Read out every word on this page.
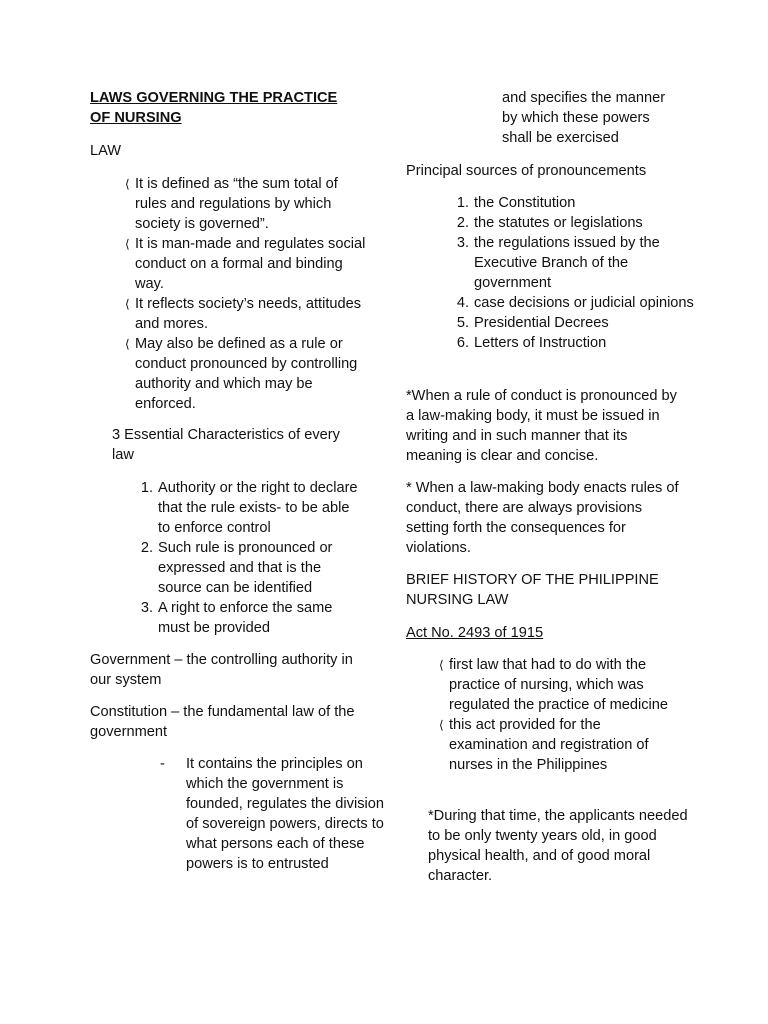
LAWS GOVERNING THE PRACTICE OF NURSING

LAW

⟨ It is defined as “the sum total of rules and regulations by which society is governed”.
⟨ It is man-made and regulates social conduct on a formal and binding way.
⟨ It reflects society’s needs, attitudes and mores.
⟨ May also be defined as a rule or conduct pronounced by controlling authority and which may be enforced.

3 Essential Characteristics of every law

1. Authority or the right to declare that the rule exists- to be able to enforce control
2. Such rule is pronounced or expressed and that is the source can be identified
3. A right to enforce the same must be provided

Government – the controlling authority in our system

Constitution – the fundamental law of the government

- It contains the principles on which the government is founded, regulates the division of sovereign powers, directs to what persons each of these powers is to entrusted

and specifies the manner by which these powers shall be exercised

Principal sources of pronouncements

1. the Constitution
2. the statutes or legislations
3. the regulations issued by the Executive Branch of the government
4. case decisions or judicial opinions
5. Presidential Decrees
6. Letters of Instruction

*When a rule of conduct is pronounced by a law-making body, it must be issued in writing and in such manner that its meaning is clear and concise.

* When a law-making body enacts rules of conduct, there are always provisions setting forth the consequences for violations.

BRIEF HISTORY OF THE PHILIPPINE NURSING LAW

Act No. 2493 of 1915

⟨ first law that had to do with the practice of nursing, which was regulated the practice of medicine
⟨ this act provided for the examination and registration of nurses in the Philippines

*During that time, the applicants needed to be only twenty years old, in good physical health, and of good moral character.
